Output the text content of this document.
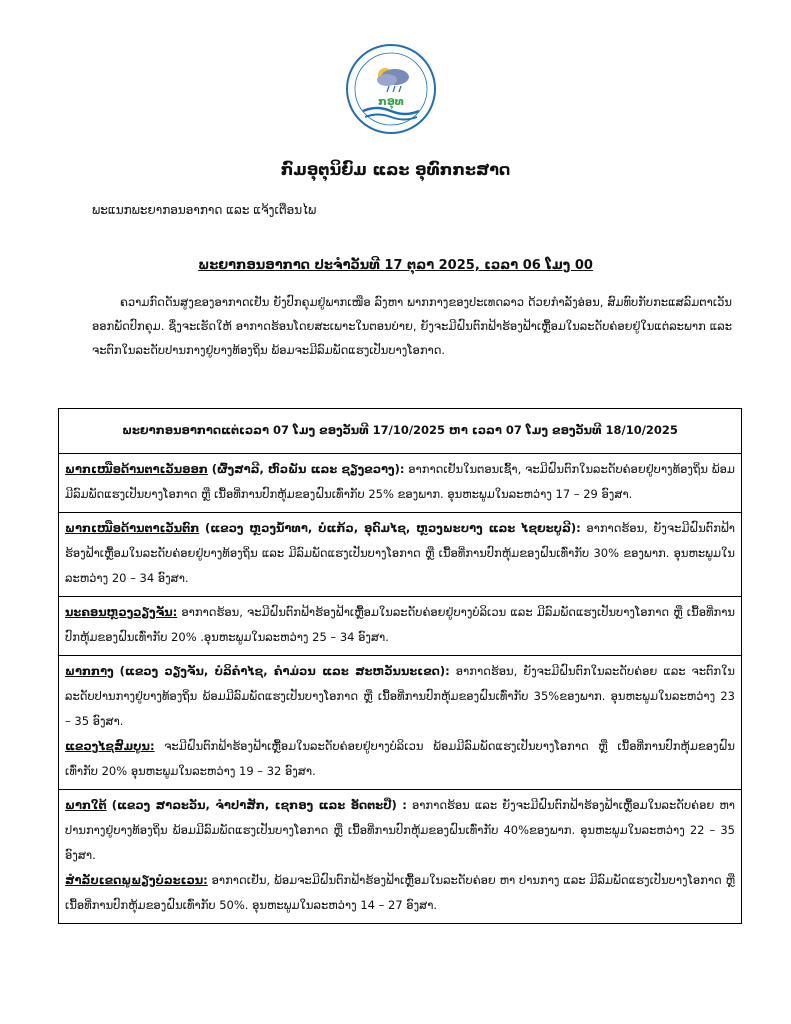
ກອຸທ
ກົມອຸຕຸນິຍົມ ແລະ ອຸທົກກະສາດ
ພະແນກພະຍາກອນອາກາດ ແລະ ແຈ້ງເຕືອນໄພ
ພະຍາກອນອາກາດ ປະຈຳວັນທີ 17 ຕຸລາ 2025, ເວລາ 06 ໂມງ 00
ຄວາມກົດດັນສູງຂອງອາກາດເຢັນ ຍັງປົກຄຸມຢູ່ພາກເໜືອ ລົງຫາ ພາກກາງຂອງປະເທດລາວ ດ້ວຍກຳລັງອ່ອນ, ສົມທົບກັບກະແສລົມຕາເວັນອອກພັດປົກຄຸມ. ຊຶ່ງຈະເຮັດໃຫ້ ອາກາດຮ້ອນໂດຍສະເພາະໃນຕອນບ່າຍ, ຍັງຈະມີຝົນຕົກຟ້າຮ້ອງຟ້າເຫຼື້ອມໃນລະດັບຄ່ອຍຢູ່ໃນແຕ່ລະພາກ ແລະ ຈະຕົກໃນລະດັບປານກາງຢູ່ບາງທ້ອງຖິ່ນ ພ້ອມຈະມີລົມພັດແຮງເປັນບາງໂອກາດ.
ພະຍາກອນອາກາດແຕ່ເວລາ 07 ໂມງ ຂອງວັນທີ 17/10/2025 ຫາ ເວລາ 07 ໂມງ ຂອງວັນທີ 18/10/2025
ພາກເໜືອດ້ານຕາເວັນອອກ (ຜົ້ງສາລີ, ຫົວພັນ ແລະ ຊຽງຂວາງ): ອາກາດເຢັນໃນຕອນເຊົ້າ, ຈະມີຝົນຕົກໃນລະດັບຄ່ອຍຢູ່ບາງທ້ອງຖິ່ນ ພ້ອມມີລົມພັດແຮງເປັນບາງໂອກາດ ຫຼື ເນື້ອທີ່ການປົກຫຸ້ມຂອງຝົນເທົ່າກັບ 25% ຂອງພາກ. ອຸນຫະພູມໃນລະຫວ່າງ 17 – 29 ອົງສາ.
ພາກເໜືອດ້ານຕາເວັນຕົກ (ແຂວງ ຫຼວງນ້ຳທາ, ບໍ່ແກ້ວ, ອຸດົມໄຊ, ຫຼວງພະບາງ ແລະ ໄຊຍະບູລີ): ອາກາດຮ້ອນ, ຍັງຈະມີຝົນຕົກຟ້າຮ້ອງຟ້າເຫຼື້ອມໃນລະດັບຄ່ອຍຢູ່ບາງທ້ອງຖິ່ນ ແລະ ມີລົມພັດແຮງເປັນບາງໂອກາດ ຫຼື ເນື້ອທີ່ການປົກຫຸ້ມຂອງຝົນເທົ່າກັບ 30% ຂອງພາກ. ອຸນຫະພູມໃນລະຫວ່າງ 20 – 34 ອົງສາ.
ນະຄອນຫຼວງວຽງຈັນ: ອາກາດຮ້ອນ, ຈະມີຝົນຕົກຟ້າຮ້ອງຟ້າເຫຼື້ອມໃນລະດັບຄ່ອຍຢູ່ບາງບໍລິເວນ ແລະ ມີລົມພັດແຮງເປັນບາງໂອກາດ ຫຼື ເນື້ອທີ່ການປົກຫຸ້ມຂອງຝົນເທົ່າກັບ 20% .ອຸນຫະພູມໃນລະຫວ່າງ 25 – 34 ອົງສາ.

ພາກກາງ (ແຂວງ ວຽງຈັນ, ບໍລິຄຳໄຊ, ຄຳມ່ວນ ແລະ ສະຫວັນນະເຂດ): ອາກາດຮ້ອນ, ຍັງຈະມີຝົນຕົກໃນລະດັບຄ່ອຍ ແລະ ຈະຕົກໃນລະດັບປານກາງຢູ່ບາງທ້ອງຖິ່ນ ພ້ອມມີລົມພັດແຮງເປັນບາງໂອກາດ ຫຼື ເນື້ອທີ່ການປົກຫຸ້ມຂອງຝົນເທົ່າກັບ 35%ຂອງພາກ. ອຸນຫະພູມໃນລະຫວ່າງ 23 – 35 ອົງສາ.
ແຂວງໄຊສົມບູນ: ຈະມີຝົນຕົກຟ້າຮ້ອງຟ້າເຫຼື້ອມໃນລະດັບຄ່ອຍຢູ່ບາງບໍລິເວນ ພ້ອມມີລົມພັດແຮງເປັນບາງໂອກາດ ຫຼື ເນື້ອທີ່ການປົກຫຸ້ມຂອງຝົນເທົ່າກັບ 20% ອຸນຫະພູມໃນລະຫວ່າງ 19 – 32 ອົງສາ.

ພາກໃຕ້ (ແຂວງ ສາລະວັນ, ຈຳປາສັກ, ເຊກອງ ແລະ ອັດຕະປື) : ອາກາດຮ້ອນ ແລະ ຍັງຈະມີຝົນຕົກຟ້າຮ້ອງຟ້າເຫຼື້ອມໃນລະດັບຄ່ອຍ ຫາ ປານກາງຢູ່ບາງທ້ອງຖິ່ນ ພ້ອມມີລົມພັດແຮງເປັນບາງໂອກາດ ຫຼື ເນື້ອທີ່ການປົກຫຸ້ມຂອງຝົນເທົ່າກັບ 40%ຂອງພາກ. ອຸນຫະພູມໃນລະຫວ່າງ 22 – 35 ອົງສາ.
ສຳລັບເຂດພູພຽງບໍລະເວນ: ອາກາດເຢັນ, ພ້ອມຈະມີຝົນຕົກຟ້າຮ້ອງຟ້າເຫຼື້ອມໃນລະດັບຄ່ອຍ ຫາ ປານກາງ ແລະ ມີລົມພັດແຮງເປັນບາງໂອກາດ ຫຼື ເນື້ອທີ່ການປົກຫຸ້ມຂອງຝົນເທົ່າກັບ 50%. ອຸນຫະພູມໃນລະຫວ່າງ 14 – 27 ອົງສາ.
